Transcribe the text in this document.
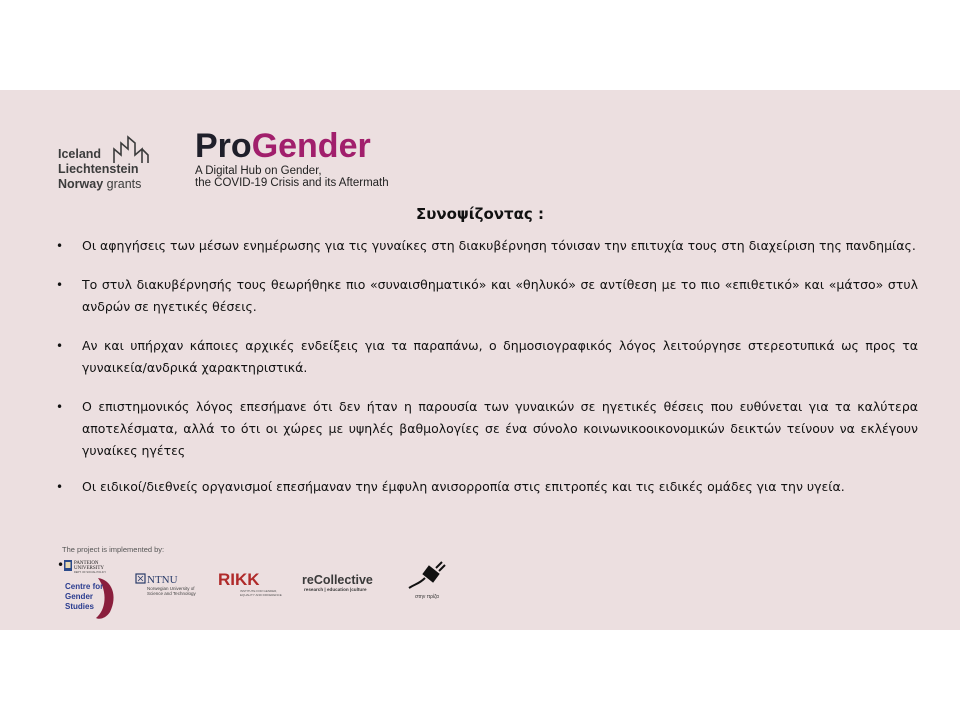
Iceland
Liechtenstein
Norway grants
ProGender
A Digital Hub on Gender,
the COVID-19 Crisis and its Aftermath
Συνοψίζοντας :
• Οι αφηγήσεις των μέσων ενημέρωσης για τις γυναίκες στη διακυβέρνηση τόνισαν την επιτυχία τους στη διαχείριση της πανδημίας.
• Το στυλ διακυβέρνησής τους θεωρήθηκε πιο «συναισθηματικό» και «θηλυκό» σε αντίθεση με το πιο «επιθετικό» και «μάτσο» στυλ ανδρών σε ηγετικές θέσεις.
• Αν και υπήρχαν κάποιες αρχικές ενδείξεις για τα παραπάνω, ο δημοσιογραφικός λόγος λειτούργησε στερεοτυπικά ως προς τα γυναικεία/ανδρικά χαρακτηριστικά.
• Ο επιστημονικός λόγος επεσήμανε ότι δεν ήταν η παρουσία των γυναικών σε ηγετικές θέσεις που ευθύνεται για τα καλύτερα αποτελέσματα, αλλά το ότι οι χώρες με υψηλές βαθμολογίες σε ένα σύνολο κοινωνικοοικονομικών δεικτών τείνουν να εκλέγουν γυναίκες ηγέτες
• Οι ειδικοί/διεθνείς οργανισμοί επεσήμαναν την έμφυλη ανισορροπία στις επιτροπές και τις ειδικές ομάδες για την υγεία.
•
The project is implemented by:
PANTEION
UNIVERSITY
DEPT. OF SOCIAL POLICY
Centre for
Gender
Studies
NTNU
Norwegian University of
Science and Technology
RIKK
INSTITUTE FOR GENDER,
EQUALITY AND DIFFERENCE
reCollective
research | education |culture
στην πρίζα
